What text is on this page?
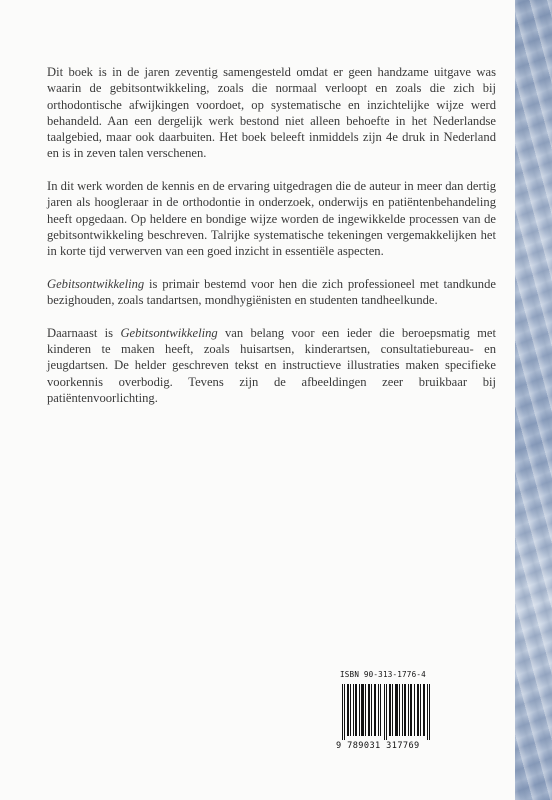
Dit boek is in de jaren zeventig samengesteld omdat er geen handzame uitgave was waarin de gebitsontwikkeling, zoals die normaal verloopt en zoals die zich bij orthodontische afwijkingen voordoet, op systematische en inzichtelijke wijze werd behandeld. Aan een dergelijk werk bestond niet alleen behoefte in het Nederlandse taalgebied, maar ook daarbuiten. Het boek beleeft inmiddels zijn 4e druk in Nederland en is in zeven talen verschenen.

In dit werk worden de kennis en de ervaring uitgedragen die de auteur in meer dan dertig jaren als hoogleraar in de orthodontie in onderzoek, onderwijs en patiëntenbehandeling heeft opgedaan. Op heldere en bondige wijze worden de ingewikkelde processen van de gebitsontwikkeling beschreven. Talrijke systematische tekeningen vergemakkelijken het in korte tijd verwerven van een goed inzicht in essentiële aspecten.

Gebitsontwikkeling is primair bestemd voor hen die zich professioneel met tandkunde bezighouden, zoals tandartsen, mondhygiënisten en studenten tandheelkunde.

Daarnaast is Gebitsontwikkeling van belang voor een ieder die beroepsmatig met kinderen te maken heeft, zoals huisartsen, kinderartsen, consultatiebureau- en jeugdartsen. De helder geschreven tekst en instructieve illustraties maken specifieke voorkennis overbodig. Tevens zijn de afbeeldingen zeer bruikbaar bij patiëntenvoorlichting.

ISBN 90-313-1776-4
9 789031 317769
